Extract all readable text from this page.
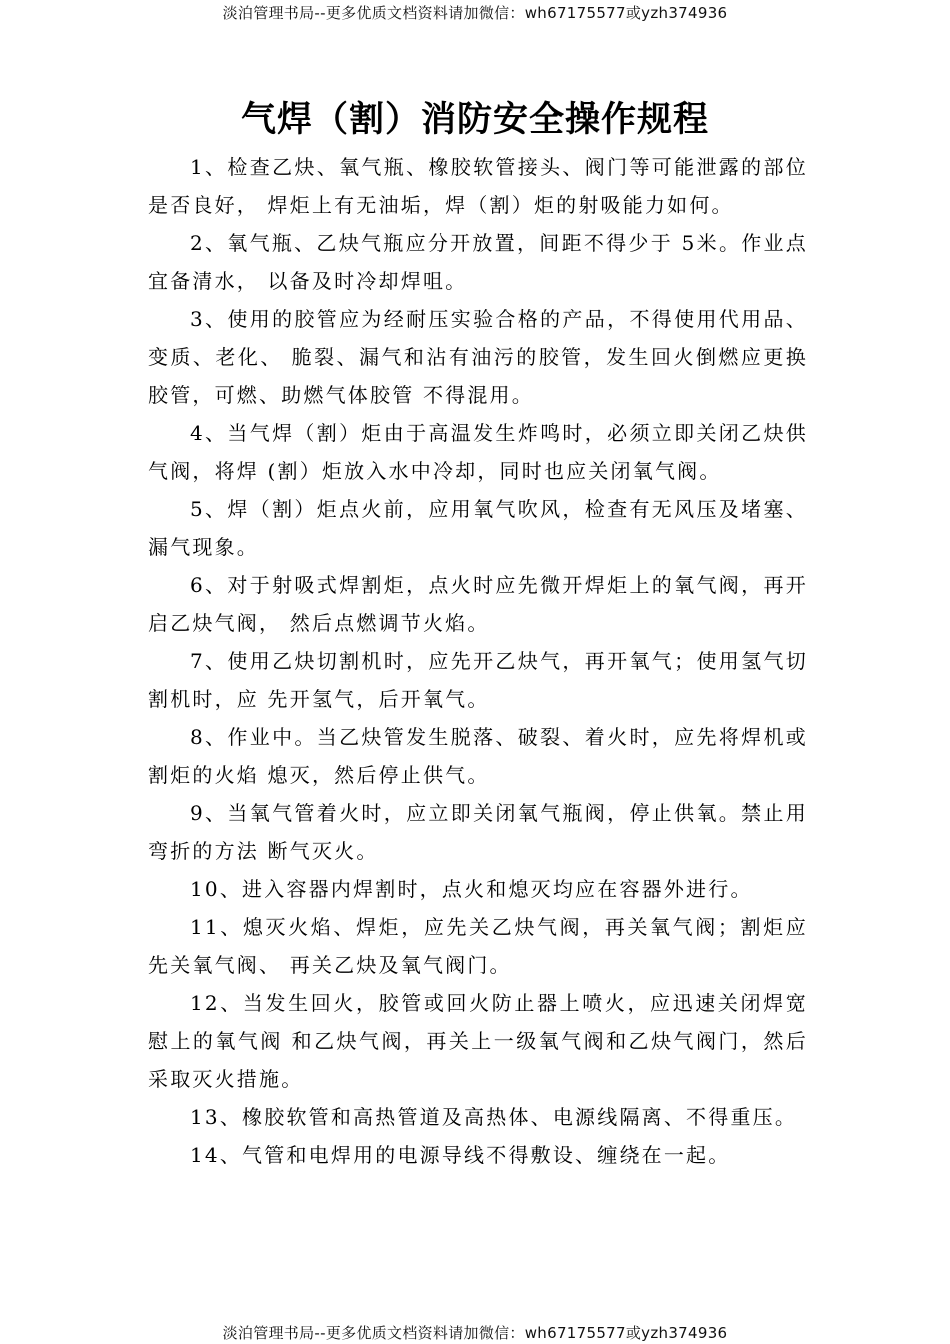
淡泊管理书局--更多优质文档资料请加微信：wh67175577或yzh374936
气焊（割）消防安全操作规程

1、检查乙炔、氧气瓶、橡胶软管接头、阀门等可能泄露的部位是否良好， 焊炬上有无油垢，焊（割）炬的射吸能力如何。

2、氧气瓶、乙炔气瓶应分开放置，间距不得少于 5米。作业点宜备清水， 以备及时冷却焊咀。

3、使用的胶管应为经耐压实验合格的产品，不得使用代用品、变质、老化、 脆裂、漏气和沾有油污的胶管，发生回火倒燃应更换胶管，可燃、助燃气体胶管 不得混用。

4、当气焊（割）炬由于高温发生炸鸣时，必须立即关闭乙炔供气阀，将焊 (割）炬放入水中冷却，同时也应关闭氧气阀。

5、焊（割）炬点火前，应用氧气吹风，检查有无风压及堵塞、漏气现象。

6、对于射吸式焊割炬，点火时应先微开焊炬上的氧气阀，再开启乙炔气阀， 然后点燃调节火焰。

7、使用乙炔切割机时，应先开乙炔气，再开氧气；使用氢气切割机时，应 先开氢气，后开氧气。

8、作业中。当乙炔管发生脱落、破裂、着火时，应先将焊机或割炬的火焰 熄灭，然后停止供气。

9、当氧气管着火时，应立即关闭氧气瓶阀，停止供氧。禁止用弯折的方法 断气灭火。

10、进入容器内焊割时，点火和熄灭均应在容器外进行。

11、熄灭火焰、焊炬，应先关乙炔气阀，再关氧气阀；割炬应先关氧气阀、 再关乙炔及氧气阀门。

12、当发生回火，胶管或回火防止器上喷火，应迅速关闭焊宽慰上的氧气阀 和乙炔气阀，再关上一级氧气阀和乙炔气阀门，然后采取灭火措施。

13、橡胶软管和高热管道及高热体、电源线隔离、不得重压。

14、气管和电焊用的电源导线不得敷设、缠绕在一起。

淡泊管理书局--更多优质文档资料请加微信：wh67175577或yzh374936
